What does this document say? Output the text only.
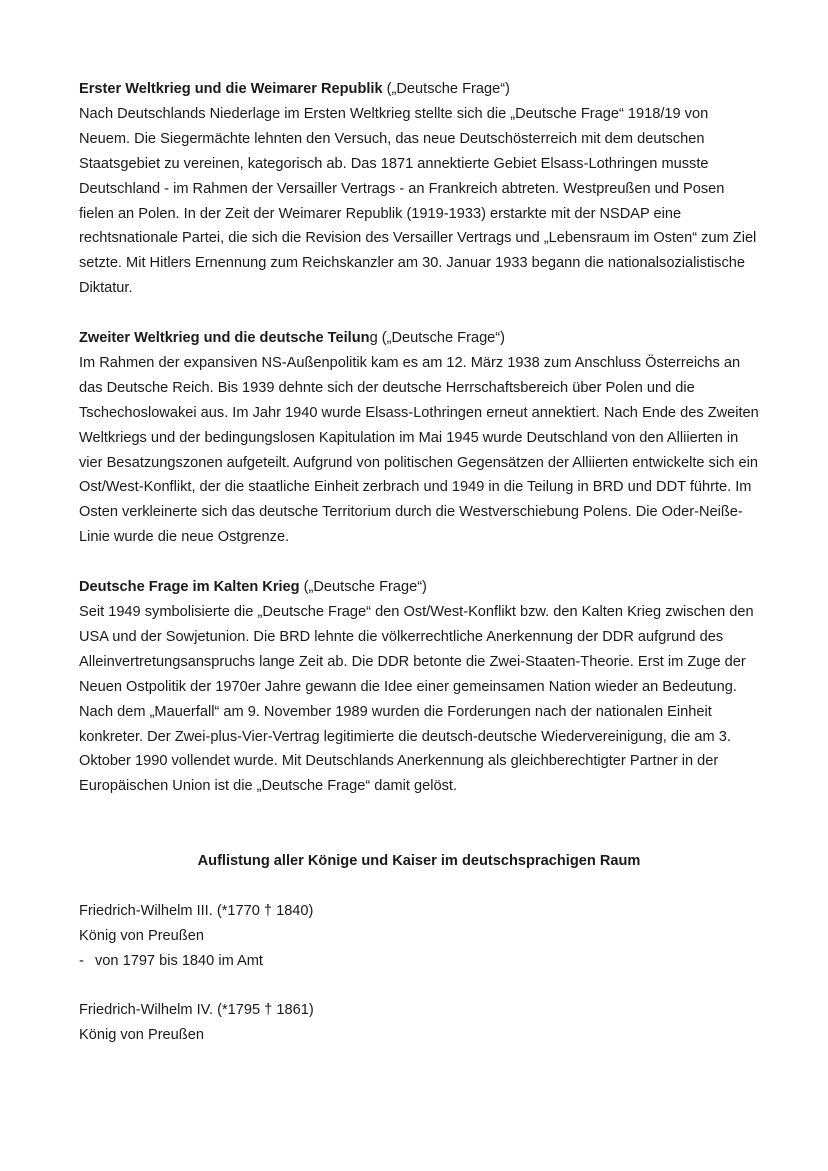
Erster Weltkrieg und die Weimarer Republik („Deutsche Frage“)

Nach Deutschlands Niederlage im Ersten Weltkrieg stellte sich die „Deutsche Frage“ 1918/19 von Neuem. Die Siegermächte lehnten den Versuch, das neue Deutschösterreich mit dem deutschen Staatsgebiet zu vereinen, kategorisch ab. Das 1871 annektierte Gebiet Elsass-Lothringen musste Deutschland - im Rahmen der Versailler Vertrags - an Frankreich abtreten. Westpreußen und Posen fielen an Polen. In der Zeit der Weimarer Republik (1919-1933) erstarkte mit der NSDAP eine rechtsnationale Partei, die sich die Revision des Versailler Vertrags und „Lebensraum im Osten“ zum Ziel setzte. Mit Hitlers Ernennung zum Reichskanzler am 30. Januar 1933 begann die nationalsozialistische Diktatur.

Zweiter Weltkrieg und die deutsche Teilung („Deutsche Frage“)

Im Rahmen der expansiven NS-Außenpolitik kam es am 12. März 1938 zum Anschluss Österreichs an das Deutsche Reich. Bis 1939 dehnte sich der deutsche Herrschaftsbereich über Polen und die Tschechoslowakei aus. Im Jahr 1940 wurde Elsass-Lothringen erneut annektiert. Nach Ende des Zweiten Weltkriegs und der bedingungslosen Kapitulation im Mai 1945 wurde Deutschland von den Alliierten in vier Besatzungszonen aufgeteilt. Aufgrund von politischen Gegensätzen der Alliierten entwickelte sich ein Ost/West-Konflikt, der die staatliche Einheit zerbrach und 1949 in die Teilung in BRD und DDT führte. Im Osten verkleinerte sich das deutsche Territorium durch die Westverschiebung Polens. Die Oder-Neiße-Linie wurde die neue Ostgrenze.

Deutsche Frage im Kalten Krieg („Deutsche Frage“)

Seit 1949 symbolisierte die „Deutsche Frage“ den Ost/West-Konflikt bzw. den Kalten Krieg zwischen den USA und der Sowjetunion. Die BRD lehnte die völkerrechtliche Anerkennung der DDR aufgrund des Alleinvertretungsanspruchs lange Zeit ab. Die DDR betonte die Zwei-Staaten-Theorie. Erst im Zuge der Neuen Ostpolitik der 1970er Jahre gewann die Idee einer gemeinsamen Nation wieder an Bedeutung. Nach dem „Mauerfall“ am 9. November 1989 wurden die Forderungen nach der nationalen Einheit konkreter. Der Zwei-plus-Vier-Vertrag legitimierte die deutsch-deutsche Wiedervereinigung, die am 3. Oktober 1990 vollendet wurde. Mit Deutschlands Anerkennung als gleichberechtigter Partner in der Europäischen Union ist die „Deutsche Frage“ damit gelöst.

Auflistung aller Könige und Kaiser im deutschsprachigen Raum
Friedrich-Wilhelm III. (*1770 † 1840)
König von Preußen
- von 1797 bis 1840 im Amt
Friedrich-Wilhelm IV. (*1795 † 1861)
König von Preußen
